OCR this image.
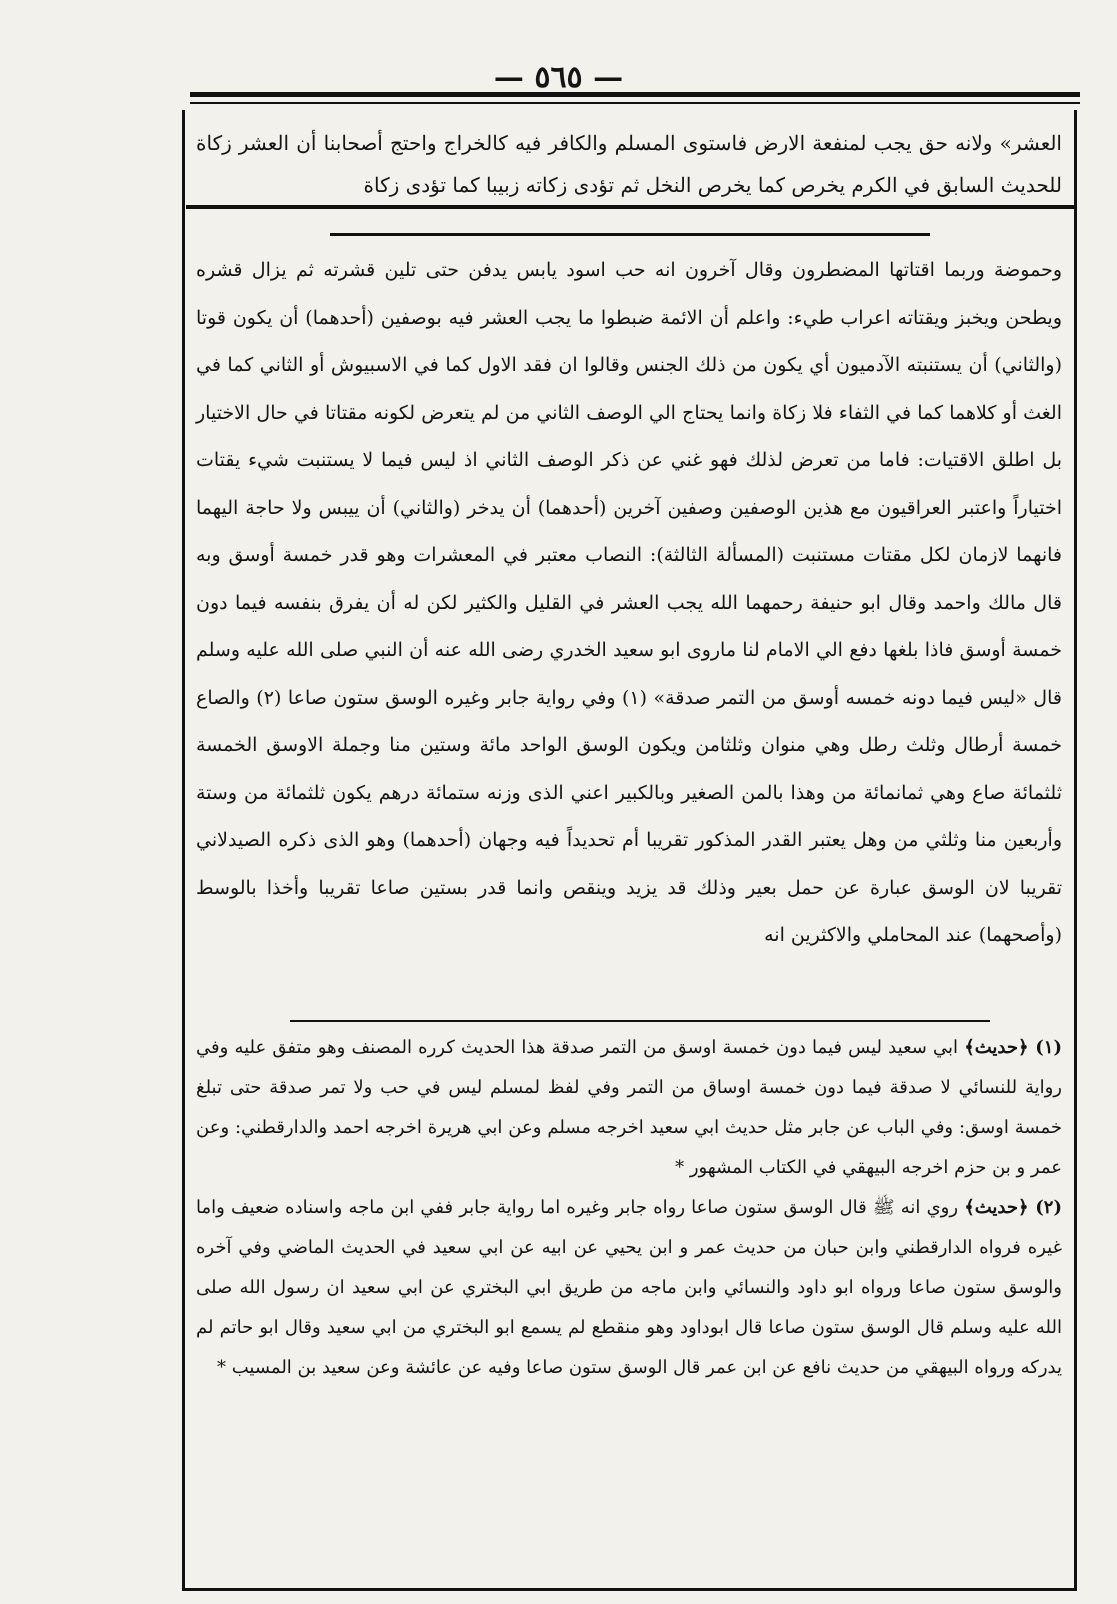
— ٥٦٥ —

العشر» ولانه حق يجب لمنفعة الارض فاستوى المسلم والكافر فيه كالخراج واحتج أصحابنا أن العشر زكاة للحديث السابق في الكرم يخرص كما يخرص النخل ثم تؤدى زكاته زبيبا كما تؤدى زكاة

وحموضة وربما اقتاتها المضطرون وقال آخرون انه حب اسود يابس يدفن حتى تلين قشرته ثم يزال قشره ويطحن ويخبز ويقتاته اعراب طيء: واعلم أن الائمة ضبطوا ما يجب العشر فيه بوصفين (أحدهما) أن يكون قوتا (والثاني) أن يستنبته الآدميون أي يكون من ذلك الجنس وقالوا ان فقد الاول كما في الاسبيوش أو الثاني كما في الغث أو كلاهما كما في الثفاء فلا زكاة وانما يحتاج الي الوصف الثاني من لم يتعرض لكونه مقتاتا في حال الاختيار بل اطلق الاقتيات: فاما من تعرض لذلك فهو غني عن ذكر الوصف الثاني اذ ليس فيما لا يستنبت شيء يقتات اختياراً واعتبر العراقيون مع هذين الوصفين وصفين آخرين (أحدهما) أن يدخر (والثاني) أن ييبس ولا حاجة اليهما فانهما لازمان لكل مقتات مستنبت (المسألة الثالثة): النصاب معتبر في المعشرات وهو قدر خمسة أوسق وبه قال مالك واحمد وقال ابو حنيفة رحمهما الله يجب العشر في القليل والكثير لكن له أن يفرق بنفسه فيما دون خمسة أوسق فاذا بلغها دفع الي الامام لنا ماروى ابو سعيد الخدري رضى الله عنه أن النبي صلى الله عليه وسلم قال «ليس فيما دونه خمسه أوسق من التمر صدقة» (١) وفي رواية جابر وغيره الوسق ستون صاعا (٢) والصاع خمسة أرطال وثلث رطل وهي منوان وثلثامن ويكون الوسق الواحد مائة وستين منا وجملة الاوسق الخمسة ثلثمائة صاع وهي ثمانمائة من وهذا بالمن الصغير وبالكبير اعني الذى وزنه ستمائة درهم يكون ثلثمائة من وستة وأربعين منا وثلثي من وهل يعتبر القدر المذكور تقريبا أم تحديداً فيه وجهان (أحدهما) وهو الذى ذكره الصيدلاني تقريبا لان الوسق عبارة عن حمل بعير وذلك قد يزيد وينقص وانما قدر بستين صاعا تقريبا وأخذا بالوسط (وأصحهما) عند المحاملي والاكثرين انه

(١) ﴿حديث﴾ ابي سعيد ليس فيما دون خمسة اوسق من التمر صدقة هذا الحديث كرره المصنف وهو متفق عليه وفي رواية للنسائي لا صدقة فيما دون خمسة اوساق من التمر وفي لفظ لمسلم ليس في حب ولا تمر صدقة حتى تبلغ خمسة اوسق: وفي الباب عن جابر مثل حديث ابي سعيد اخرجه مسلم وعن ابي هريرة اخرجه احمد والدارقطني: وعن عمر و بن حزم اخرجه البيهقي في الكتاب المشهور *

(٢) ﴿حديث﴾ روي انه ﷺ قال الوسق ستون صاعا رواه جابر وغيره اما رواية جابر ففي ابن ماجه واسناده ضعيف واما غيره فرواه الدارقطني وابن حبان من حديث عمر و ابن يحيي عن ابيه عن ابي سعيد في الحديث الماضي وفي آخره والوسق ستون صاعا ورواه ابو داود والنسائي وابن ماجه من طريق ابي البختري عن ابي سعيد ان رسول الله صلى الله عليه وسلم قال الوسق ستون صاعا قال ابوداود وهو منقطع لم يسمع ابو البختري من ابي سعيد وقال ابو حاتم لم يدركه ورواه البيهقي من حديث نافع عن ابن عمر قال الوسق ستون صاعا وفيه عن عائشة وعن سعيد بن المسيب *
